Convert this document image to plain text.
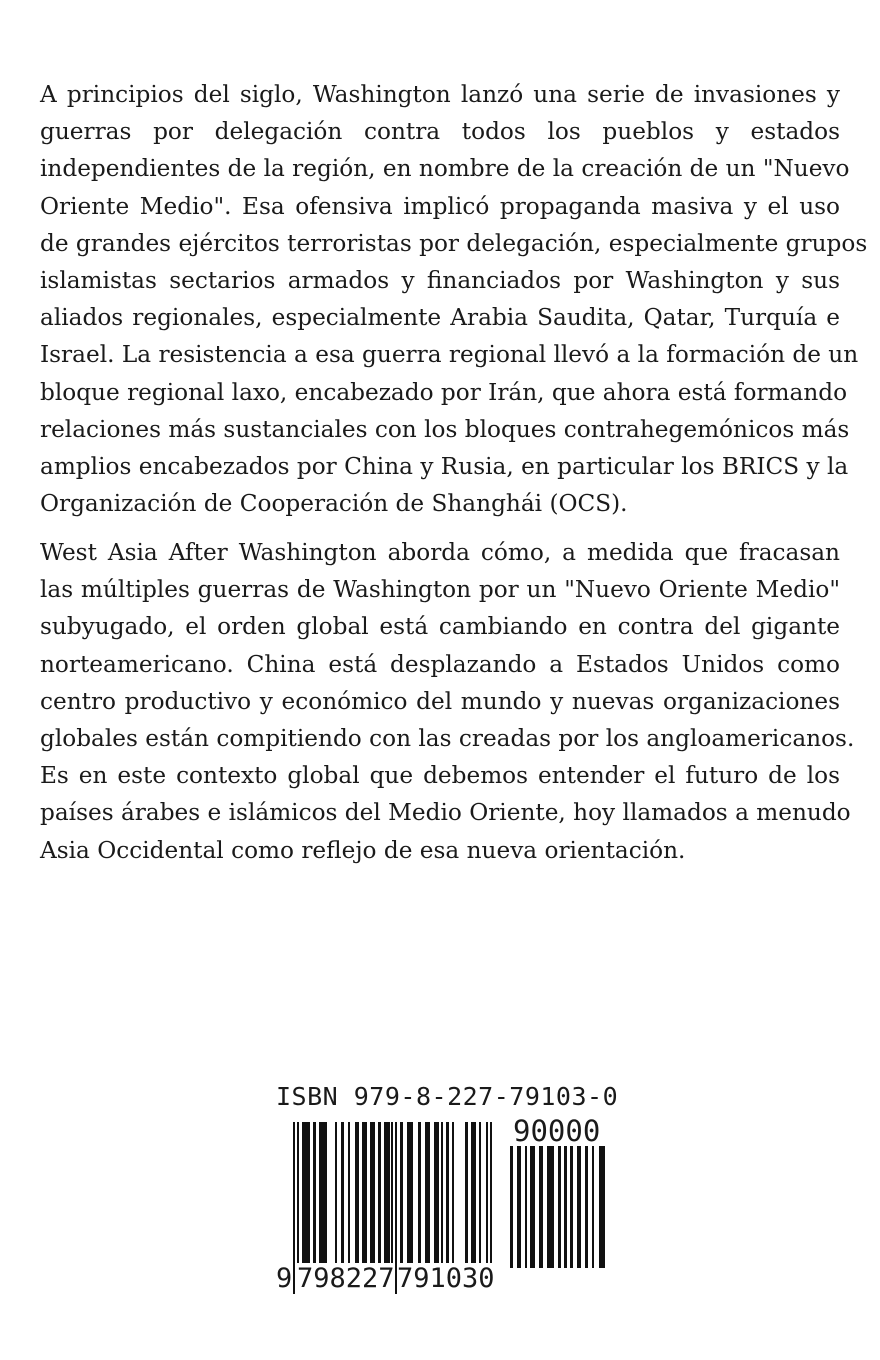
A principios del siglo, Washington lanzó una serie de invasiones y
guerras por delegación contra todos los pueblos y estados
independientes de la región, en nombre de la creación de un "Nuevo
Oriente Medio". Esa ofensiva implicó propaganda masiva y el uso
de grandes ejércitos terroristas por delegación, especialmente grupos
islamistas sectarios armados y financiados por Washington y sus
aliados regionales, especialmente Arabia Saudita, Qatar, Turquía e
Israel. La resistencia a esa guerra regional llevó a la formación de un
bloque regional laxo, encabezado por Irán, que ahora está formando
relaciones más sustanciales con los bloques contrahegemónicos más
amplios encabezados por China y Rusia, en particular los BRICS y la
Organización de Cooperación de Shanghái (OCS).
West Asia After Washington aborda cómo, a medida que fracasan
las múltiples guerras de Washington por un "Nuevo Oriente Medio"
subyugado, el orden global está cambiando en contra del gigante
norteamericano. China está desplazando a Estados Unidos como
centro productivo y económico del mundo y nuevas organizaciones
globales están compitiendo con las creadas por los angloamericanos.
Es en este contexto global que debemos entender el futuro de los
países árabes e islámicos del Medio Oriente, hoy llamados a menudo
Asia Occidental como reflejo de esa nueva orientación.
ISBN 979-8-227-79103-0
90000
9 798227 791030
